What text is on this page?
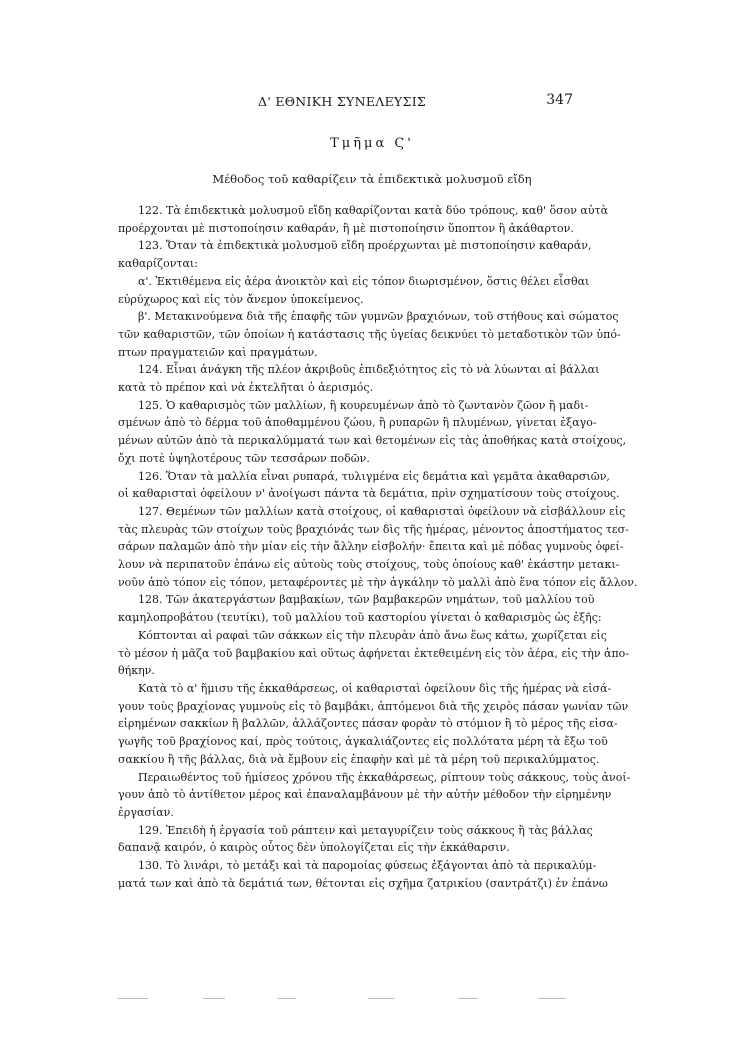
Δ' ΕΘΝΙΚΗ ΣΥΝΕΛΕΥΣΙΣ	347
Τμῆμα Ϛ'
Μέθοδος τοῦ καθαρίζειν τὰ ἐπιδεκτικὰ μολυσμοῦ εἴδη
122. Τὰ ἐπιδεκτικὰ μολυσμοῦ εἴδη καθαρίζονται κατὰ δύο τρόπους, καθ' ὅσον αὐτὰ
προέρχονται μὲ πιστοποίησιν καθαράν, ἢ μὲ πιστοποίησιν ὕποπτον ἢ ἀκάθαρτον.
123. Ὅταν τὰ ἐπιδεκτικὰ μολυσμοῦ εἴδη προέρχωνται μὲ πιστοποίησιν καθαράν,
καθαρίζονται:
α'. Ἐκτιθέμενα εἰς ἀέρα ἀνοικτὸν καὶ εἰς τόπον διωρισμένον, ὅστις θέλει εἶσθαι
εὐρύχωρος καὶ εἰς τὸν ἄνεμον ὑποκείμενος.
β'. Μετακινούμενα διὰ τῆς ἐπαφῆς τῶν γυμνῶν βραχιόνων, τοῦ στήθους καὶ σώματος
τῶν καθαριστῶν, τῶν ὁποίων ἡ κατάστασις τῆς ὑγείας δεικνύει τὸ μεταδοτικὸν τῶν ὑπό-
πτων πραγματειῶν καὶ πραγμάτων.
124. Εἶναι ἀνάγκη τῆς πλέον ἀκριβοῦς ἐπιδεξιότητος εἰς τὸ νὰ λύωνται αἱ βάλλαι
κατὰ τὸ πρέπον καὶ νὰ ἐκτελῆται ὁ ἀερισμός.
125. Ὁ καθαρισμὸς τῶν μαλλίων, ἢ κουρευμένων ἀπὸ τὸ ζωντανὸν ζῶον ἢ μαδι-
σμένων ἀπὸ τὸ δέρμα τοῦ ἀποθαμμένου ζώου, ἢ ρυπαρῶν ἢ πλυμένων, γίνεται ἐξαγο-
μένων αὐτῶν ἀπὸ τὰ περικαλύμματά των καὶ θετομένων εἰς τὰς ἀποθήκας κατὰ στοίχους,
ὄχι ποτὲ ὑψηλοτέρους τῶν τεσσάρων ποδῶν.
126. Ὅταν τὰ μαλλία εἶναι ρυπαρά, τυλιγμένα εἰς δεμάτια καὶ γεμᾶτα ἀκαθαρσιῶν,
οἱ καθαρισταὶ ὀφείλουν ν' ἀνοίγωσι πάντα τὰ δεμάτια, πρὶν σχηματίσουν τοὺς στοίχους.
127. Θεμένων τῶν μαλλίων κατὰ στοίχους, οἱ καθαρισταὶ ὀφείλουν νὰ εἰσβάλλουν εἰς
τὰς πλευρὰς τῶν στοίχων τοὺς βραχιόνάς των δὶς τῆς ἡμέρας, μένοντος ἀποστήματος τεσ-
σάρων παλαμῶν ἀπὸ τὴν μίαν εἰς τὴν ἄλλην εἰσβολήν· ἔπειτα καὶ μὲ πόδας γυμνοὺς ὀφεί-
λουν νὰ περιπατοῦν ἐπάνω εἰς αὐτοὺς τοὺς στοίχους, τοὺς ὁποίους καθ' ἑκάστην μετακι-
νοῦν ἀπὸ τόπον εἰς τόπον, μεταφέροντες μὲ τὴν ἀγκάλην τὸ μαλλὶ ἀπὸ ἕνα τόπον εἰς ἄλλον.
128. Τῶν ἀκατεργάστων βαμβακίων, τῶν βαμβακερῶν νημάτων, τοῦ μαλλίου τοῦ
καμηλοπροβάτου (τευτίκι), τοῦ μαλλίου τοῦ καστορίου γίνεται ὁ καθαρισμὸς ὡς ἑξῆς:
Κόπτονται αἱ ραφαὶ τῶν σάκκων εἰς τὴν πλευρὰν ἀπὸ ἄνω ἕως κάτω, χωρίζεται εἰς
τὸ μέσον ἡ μᾶζα τοῦ βαμβακίου καὶ οὕτως ἀφήνεται ἐκτεθειμένη εἰς τὸν ἀέρα, εἰς τὴν ἀπο-
θήκην.
Κατὰ τὸ α' ἥμισυ τῆς ἐκκαθάρσεως, οἱ καθαρισταὶ ὀφείλουν δὶς τῆς ἡμέρας νὰ εἰσά-
γουν τοὺς βραχίονας γυμνοὺς εἰς τὸ βαμβάκι, ἁπτόμενοι διὰ τῆς χειρὸς πάσαν γωνίαν τῶν
εἰρημένων σακκίων ἢ βαλλῶν, ἀλλάζοντες πάσαν φορὰν τὸ στόμιον ἢ τὸ μέρος τῆς εἰσα-
γωγῆς τοῦ βραχίονος καί, πρὸς τούτοις, ἀγκαλιάζοντες εἰς πολλότατα μέρη τὰ ἔξω τοῦ
σακκίου ἢ τῆς βάλλας, διὰ νὰ ἔμβουν εἰς ἐπαφὴν καὶ μὲ τὰ μέρη τοῦ περικαλύμματος.
Περαιωθέντος τοῦ ἡμίσεος χρόνου τῆς ἐκκαθάρσεως, ρίπτουν τοὺς σάκκους, τοὺς ἀνοί-
γουν ἀπὸ τὸ ἀντίθετον μέρος καὶ ἐπαναλαμβάνουν μὲ τὴν αὐτὴν μέθοδον τὴν εἰρημένην
ἐργασίαν.
129. Ἐπειδὴ ἡ ἐργασία τοῦ ράπτειν καὶ μεταγυρίζειν τοὺς σάκκους ἢ τὰς βάλλας
δαπανᾷ καιρόν, ὁ καιρὸς οὗτος δὲν ὑπολογίζεται εἰς τὴν ἐκκάθαρσιν.
130. Τὸ λινάρι, τὸ μετάξι καὶ τὰ παρομοίας φύσεως ἐξάγονται ἀπὸ τὰ περικαλύμ-
ματά των καὶ ἀπὸ τὰ δεμάτιά των, θέτονται εἰς σχῆμα ζατρικίου (σαντράτζι) ἐν ἐπάνω
